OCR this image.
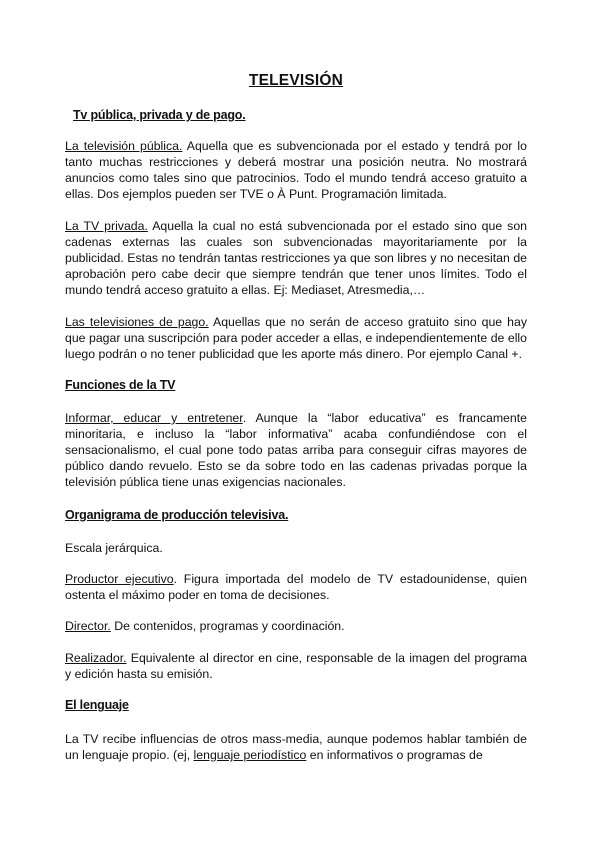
TELEVISIÓN
Tv pública, privada y de pago.
La televisión pública. Aquella que es subvencionada por el estado y tendrá por lo tanto muchas restricciones y deberá mostrar una posición neutra. No mostrará anuncios como tales sino que patrocinios. Todo el mundo tendrá acceso gratuito a ellas. Dos ejemplos pueden ser TVE o À Punt. Programación limitada.
La TV privada. Aquella la cual no está subvencionada por el estado sino que son cadenas externas las cuales son subvencionadas mayoritariamente por la publicidad. Estas no tendrán tantas restricciones ya que son libres y no necesitan de aprobación pero cabe decir que siempre tendrán que tener unos límites. Todo el mundo tendrá acceso gratuito a ellas. Ej: Mediaset, Atresmedia,…
Las televisiones de pago. Aquellas que no serán de acceso gratuito sino que hay que pagar una suscripción para poder acceder a ellas, e independientemente de ello luego podrán o no tener publicidad que les aporte más dinero. Por ejemplo Canal +.
Funciones de la TV
Informar, educar y entretener. Aunque la “labor educativa” es francamente minoritaria, e incluso la “labor informativa” acaba confundiéndose con el sensacionalismo, el cual pone todo patas arriba para conseguir cifras mayores de público dando revuelo. Esto se da sobre todo en las cadenas privadas porque la televisión pública tiene unas exigencias nacionales.
Organigrama de producción televisiva.
Escala jerárquica.
Productor ejecutivo. Figura importada del modelo de TV estadounidense, quien ostenta el máximo poder en toma de decisiones.
Director. De contenidos, programas y coordinación.
Realizador. Equivalente al director en cine, responsable de la imagen del programa y edición hasta su emisión.
El lenguaje
La TV recibe influencias de otros mass-media, aunque podemos hablar también de un lenguaje propio. (ej, lenguaje periodístico en informativos o programas de
